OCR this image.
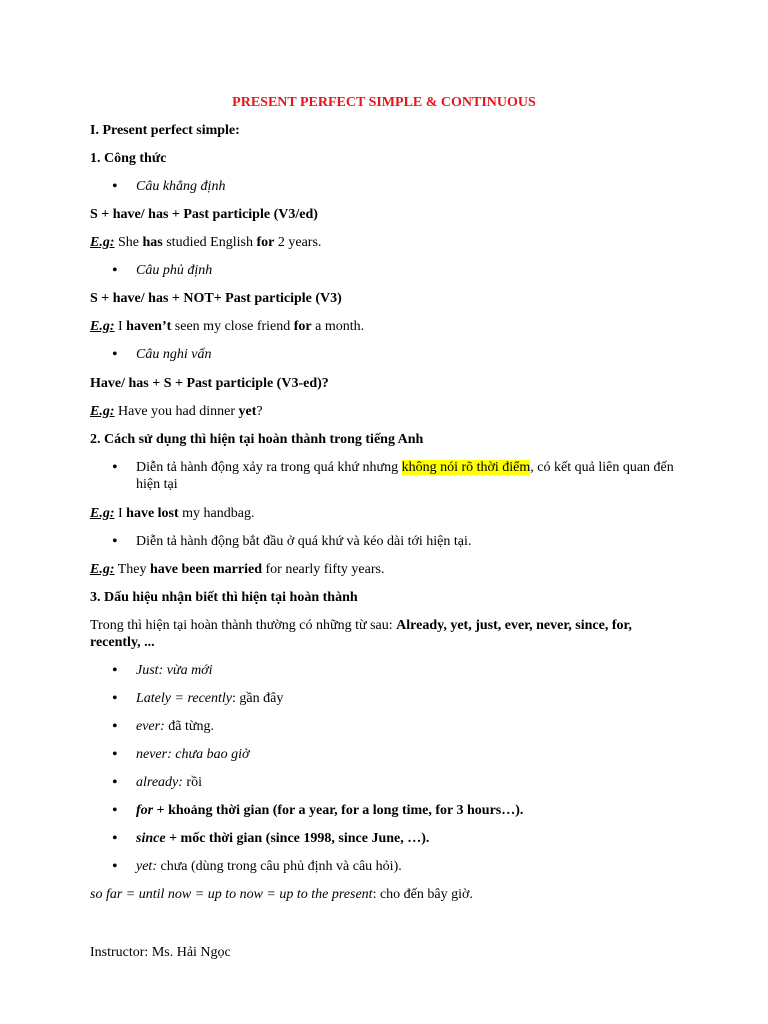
PRESENT PERFECT SIMPLE & CONTINUOUS
I. Present perfect simple:
1. Công thức
• Câu khẳng định
S + have/ has + Past participle (V3/ed)
E.g: She has studied English for 2 years.
• Câu phủ định
S + have/ has + NOT+ Past participle (V3)
E.g: I haven’t seen my close friend for a month.
• Câu nghi vấn
Have/ has + S + Past participle (V3-ed)?
E.g: Have you had dinner yet?
2. Cách sử dụng thì hiện tại hoàn thành trong tiếng Anh
• Diễn tả hành động xảy ra trong quá khứ nhưng không nói rõ thời điểm, có kết quả liên quan đến hiện tại
E.g: I have lost my handbag.
• Diễn tả hành động bắt đầu ở quá khứ và kéo dài tới hiện tại.
E.g: They have been married for nearly fifty years.
3. Dấu hiệu nhận biết thì hiện tại hoàn thành
Trong thì hiện tại hoàn thành thường có những từ sau: Already, yet, just, ever, never, since, for, recently, ...
• Just: vừa mới
• Lately = recently: gần đây
• ever: đã từng.
• never: chưa bao giờ
• already: rồi
• for + khoảng thời gian (for a year, for a long time, for 3 hours…).
• since + mốc thời gian (since 1998, since June, …).
• yet: chưa (dùng trong câu phủ định và câu hỏi).
so far = until now = up to now = up to the present: cho đến bây giờ.
Instructor: Ms. Hải Ngọc
